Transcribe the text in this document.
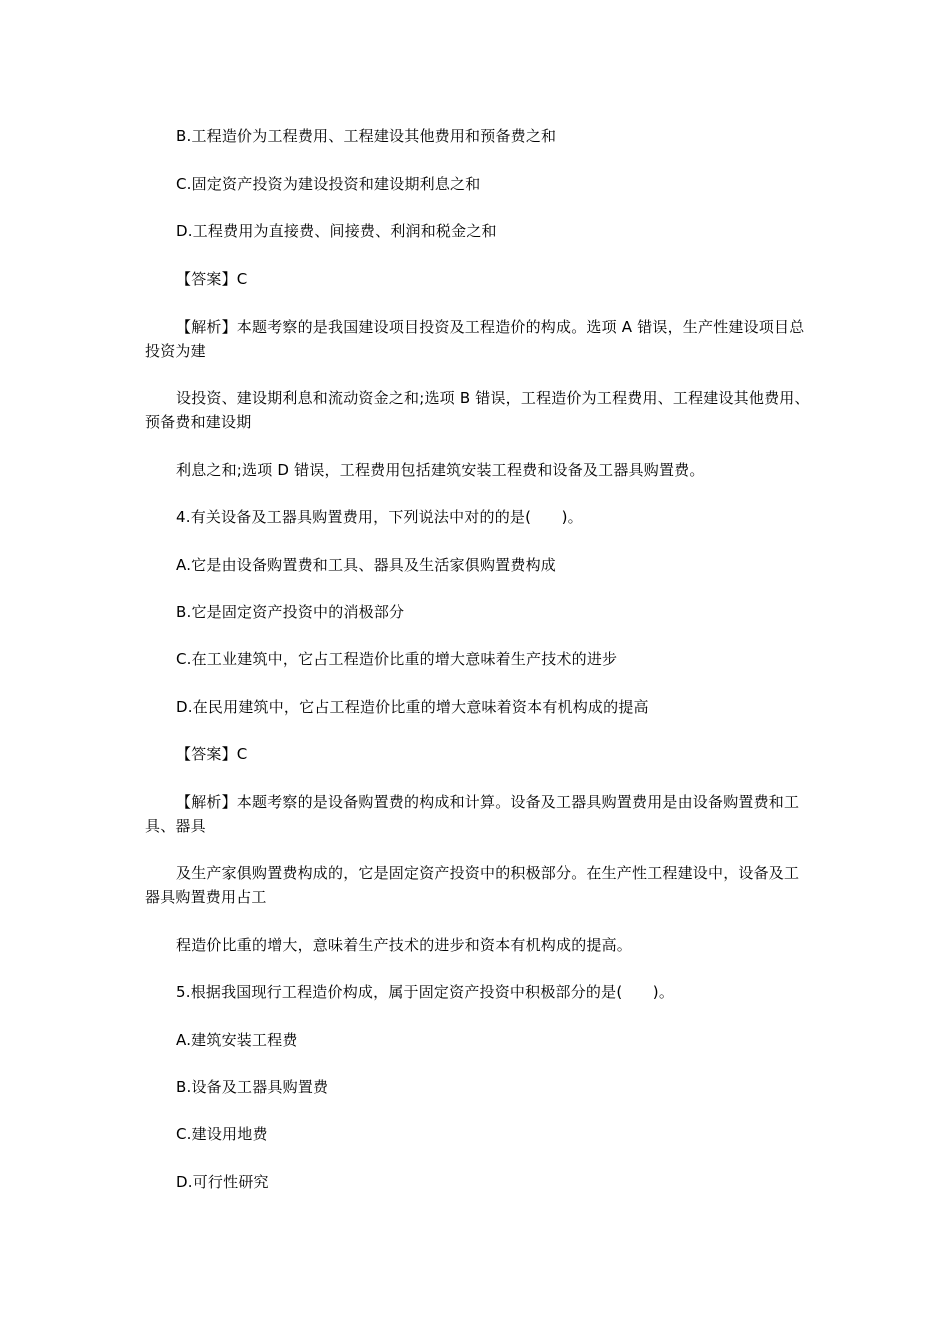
B.工程造价为工程费用、工程建设其他费用和预备费之和
C.固定资产投资为建设投资和建设期利息之和
D.工程费用为直接费、间接费、利润和税金之和
【答案】C
【解析】本题考察的是我国建设项目投资及工程造价的构成。选项 A 错误，生产性建设项目总投资为建
设投资、建设期利息和流动资金之和;选项 B 错误，工程造价为工程费用、工程建设其他费用、预备费和建设期
利息之和;选项 D 错误，工程费用包括建筑安装工程费和设备及工器具购置费。
4.有关设备及工器具购置费用，下列说法中对的的是(　　)。
A.它是由设备购置费和工具、器具及生活家俱购置费构成
B.它是固定资产投资中的消极部分
C.在工业建筑中，它占工程造价比重的增大意味着生产技术的进步
D.在民用建筑中，它占工程造价比重的增大意味着资本有机构成的提高
【答案】C
【解析】本题考察的是设备购置费的构成和计算。设备及工器具购置费用是由设备购置费和工具、器具
及生产家俱购置费构成的，它是固定资产投资中的积极部分。在生产性工程建设中，设备及工器具购置费用占工
程造价比重的增大，意味着生产技术的进步和资本有机构成的提高。
5.根据我国现行工程造价构成，属于固定资产投资中积极部分的是(　　)。
A.建筑安装工程费
B.设备及工器具购置费
C.建设用地费
D.可行性研究
